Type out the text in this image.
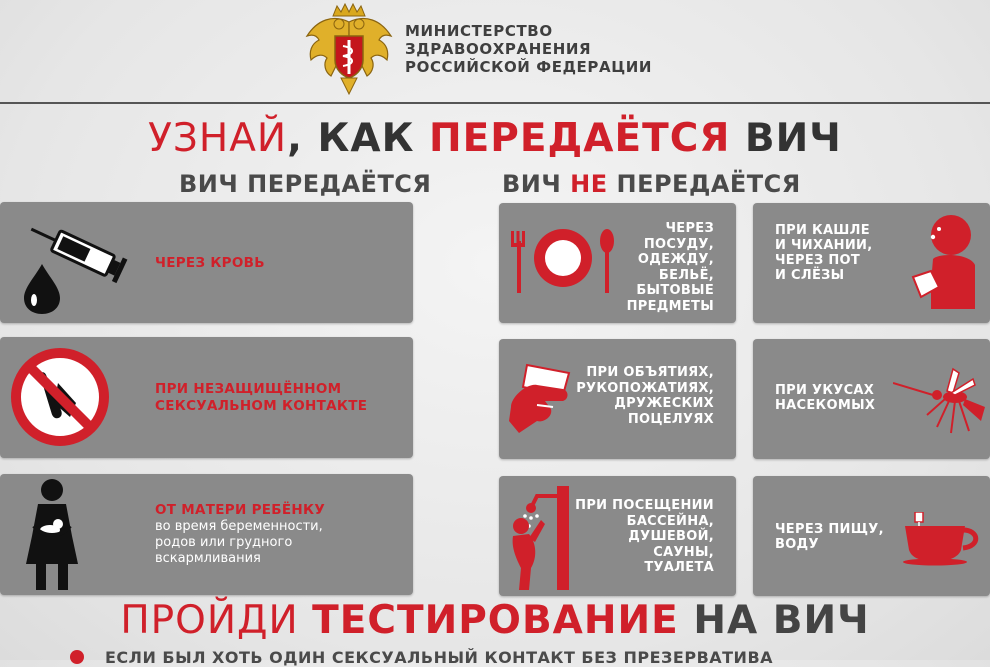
МИНИСТЕРСТВО
ЗДРАВООХРАНЕНИЯ
РОССИЙСКОЙ ФЕДЕРАЦИИ
УЗНАЙ, КАК ПЕРЕДАЁТСЯ ВИЧ
ВИЧ ПЕРЕДАЁТСЯ	ВИЧ НЕ ПЕРЕДАЁТСЯ
ЧЕРЕЗ КРОВЬ
ПРИ НЕЗАЩИЩЁННОМ
СЕКСУАЛЬНОМ КОНТАКТЕ
ОТ МАТЕРИ РЕБЁНКУ
во время беременности,
родов или грудного
вскармливания
ЧЕРЕЗ
ПОСУДУ,
ОДЕЖДУ,
БЕЛЬЁ,
БЫТОВЫЕ
ПРЕДМЕТЫ
ПРИ КАШЛЕ
И ЧИХАНИИ,
ЧЕРЕЗ ПОТ
И СЛЁЗЫ
ПРИ ОБЪЯТИЯХ,
РУКОПОЖАТИЯХ,
ДРУЖЕСКИХ
ПОЦЕЛУЯХ
ПРИ УКУСАХ
НАСЕКОМЫХ
ПРИ ПОСЕЩЕНИИ
БАССЕЙНА,
ДУШЕВОЙ,
САУНЫ,
ТУАЛЕТА
ЧЕРЕЗ ПИЩУ,
ВОДУ
ПРОЙДИ ТЕСТИРОВАНИЕ НА ВИЧ
ЕСЛИ БЫЛ ХОТЬ ОДИН СЕКСУАЛЬНЫЙ КОНТАКТ БЕЗ ПРЕЗЕРВАТИВА
